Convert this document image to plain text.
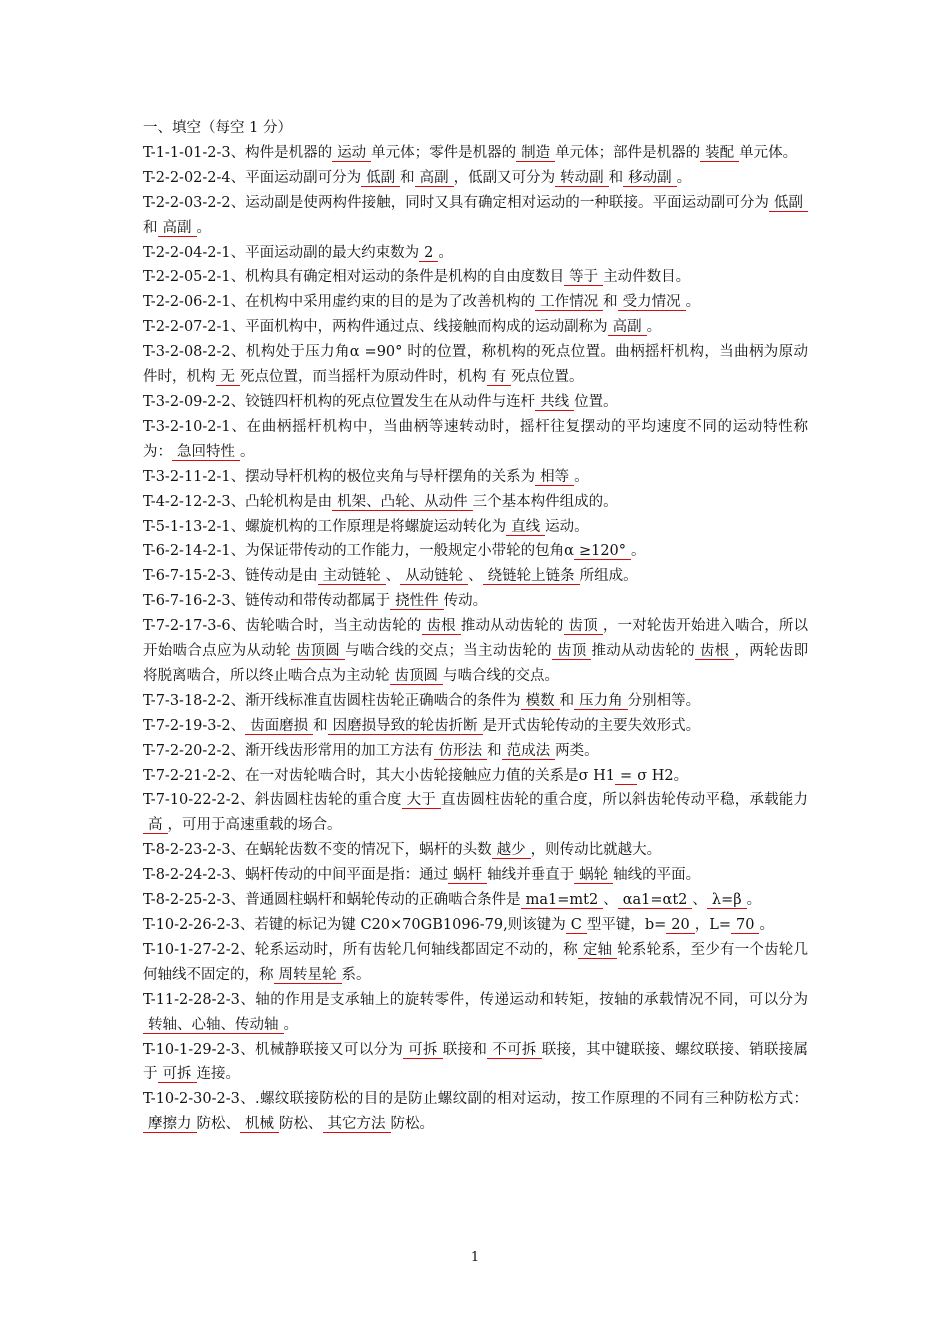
一、填空（每空 1 分）

T-1-1-01-2-3、构件是机器的 运动 单元体；零件是机器的 制造 单元体；部件是机器的 装配 单元体。

T-2-2-02-2-4、平面运动副可分为 低副 和 高副 ，低副又可分为 转动副 和 移动副 。

T-2-2-03-2-2、运动副是使两构件接触，同时又具有确定相对运动的一种联接。平面运动副可分为 低副和 高副 。

T-2-2-04-2-1、平面运动副的最大约束数为 2 。

T-2-2-05-2-1、机构具有确定相对运动的条件是机构的自由度数目 等于 主动件数目。

T-2-2-06-2-1、在机构中采用虚约束的目的是为了改善机构的 工作情况 和 受力情况 。

T-2-2-07-2-1、平面机构中，两构件通过点、线接触而构成的运动副称为 高副 。

T-3-2-08-2-2、机构处于压力角α =90° 时的位置，称机构的死点位置。曲柄摇杆机构，当曲柄为原动件时，机构 无 死点位置，而当摇杆为原动件时，机构 有 死点位置。

T-3-2-09-2-2、铰链四杆机构的死点位置发生在从动件与连杆 共线 位置。

T-3-2-10-2-1、在曲柄摇杆机构中，当曲柄等速转动时，摇杆往复摆动的平均速度不同的运动特性称为： 急回特性 。

T-3-2-11-2-1、摆动导杆机构的极位夹角与导杆摆角的关系为 相等 。

T-4-2-12-2-3、凸轮机构是由 机架、凸轮、从动件 三个基本构件组成的。

T-5-1-13-2-1、螺旋机构的工作原理是将螺旋运动转化为 直线 运动。

T-6-2-14-2-1、为保证带传动的工作能力，一般规定小带轮的包角α ≥120° 。

T-6-7-15-2-3、链传动是由 主动链轮 、 从动链轮 、 绕链轮上链条 所组成。

T-6-7-16-2-3、链传动和带传动都属于 挠性件 传动。

T-7-2-17-3-6、齿轮啮合时，当主动齿轮的 齿根 推动从动齿轮的 齿顶 ，一对轮齿开始进入啮合，所以开始啮合点应为从动轮 齿顶圆 与啮合线的交点；当主动齿轮的 齿顶 推动从动齿轮的 齿根 ，两轮齿即将脱离啮合，所以终止啮合点为主动轮 齿顶圆 与啮合线的交点。

T-7-3-18-2-2、渐开线标准直齿圆柱齿轮正确啮合的条件为 模数 和 压力角 分别相等。

T-7-2-19-3-2、 齿面磨损 和 因磨损导致的轮齿折断 是开式齿轮传动的主要失效形式。

T-7-2-20-2-2、渐开线齿形常用的加工方法有 仿形法 和 范成法 两类。

T-7-2-21-2-2、在一对齿轮啮合时，其大小齿轮接触应力值的关系是σ H1 = σ H2。

T-7-10-22-2-2、斜齿圆柱齿轮的重合度 大于 直齿圆柱齿轮的重合度，所以斜齿轮传动平稳，承载能力高 ，可用于高速重载的场合。

T-8-2-23-2-3、在蜗轮齿数不变的情况下，蜗杆的头数 越少 ，则传动比就越大。

T-8-2-24-2-3、蜗杆传动的中间平面是指：通过 蜗杆 轴线并垂直于 蜗轮 轴线的平面。

T-8-2-25-2-3、普通圆柱蜗杆和蜗轮传动的正确啮合条件是 ma1=mt2 、 αa1=αt2 、 λ=β 。

T-10-2-26-2-3、若键的标记为键 C20×70GB1096-79,则该键为 C 型平键，b= 20 ，L= 70 。

T-10-1-27-2-2、轮系运动时，所有齿轮几何轴线都固定不动的，称 定轴 轮系轮系，至少有一个齿轮几何轴线不固定的，称 周转星轮 系。

T-11-2-28-2-3、轴的作用是支承轴上的旋转零件，传递运动和转矩，按轴的承载情况不同，可以分为转轴、心轴、传动轴 。

T-10-1-29-2-3、机械静联接又可以分为 可拆 联接和 不可拆 联接，其中键联接、螺纹联接、销联接属于 可拆 连接。

T-10-2-30-2-3、.螺纹联接防松的目的是防止螺纹副的相对运动，按工作原理的不同有三种防松方式：摩擦力 防松、 机械 防松、 其它方法 防松。

1
